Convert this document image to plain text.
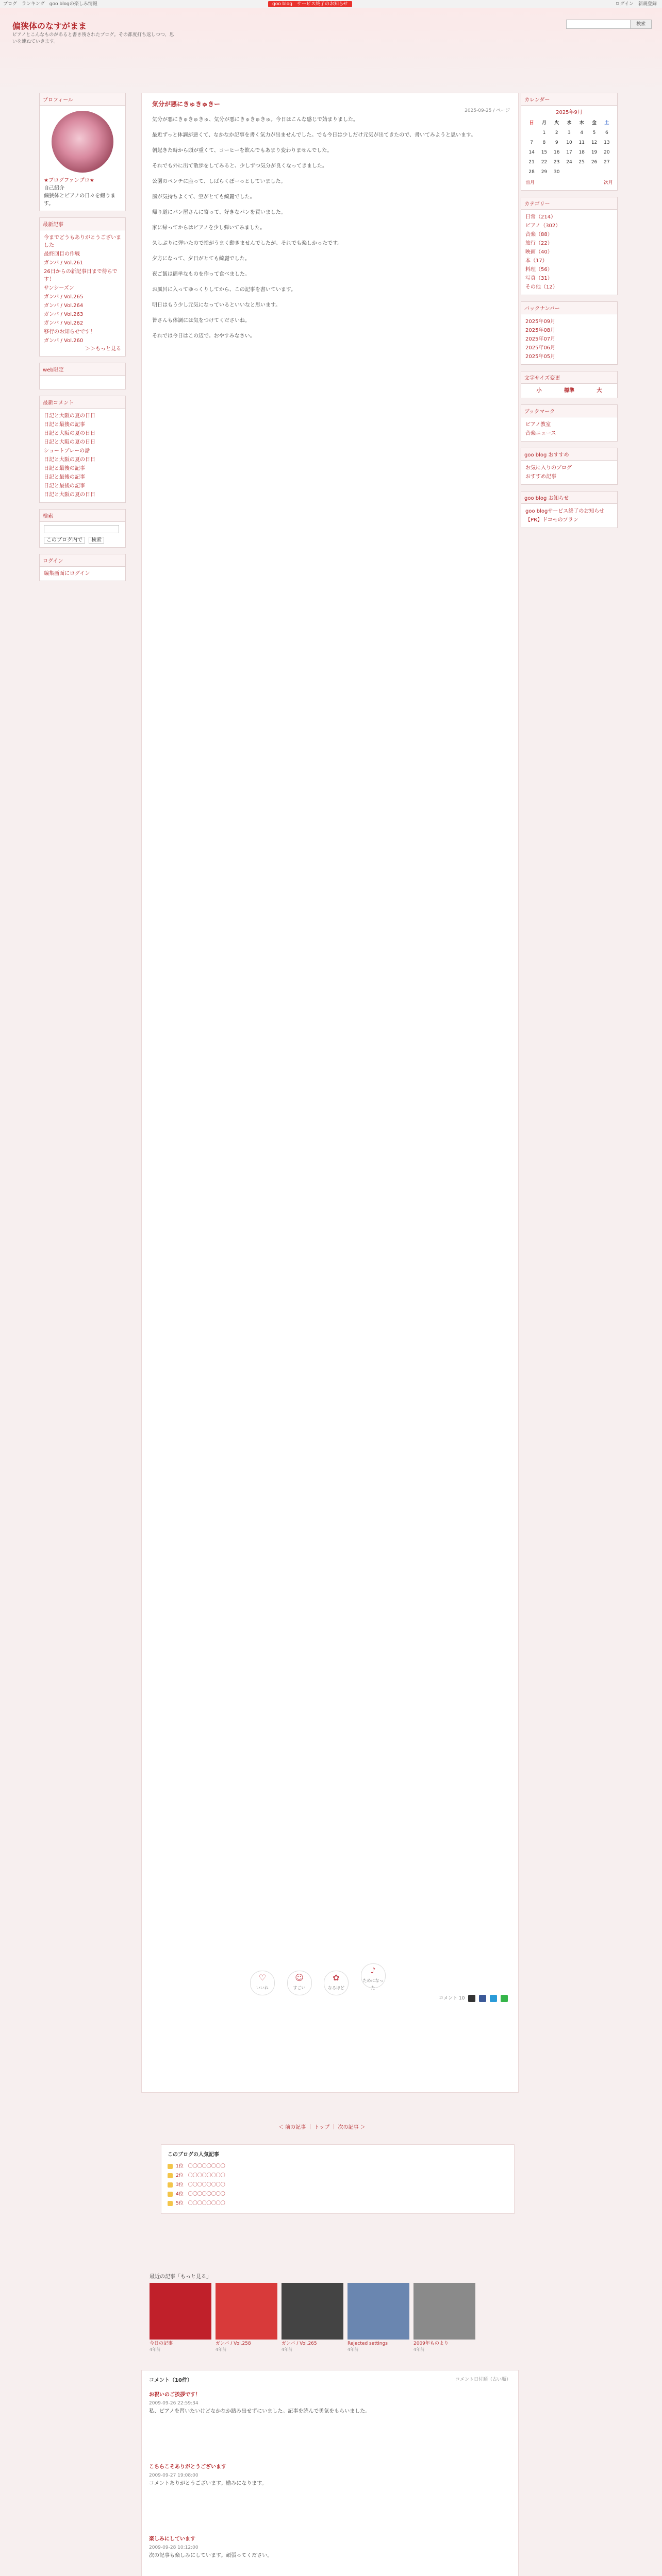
ブログ　ランキング　goo blogの楽しみ情報	goo blog　サービス終了のお知らせ	ログイン　新規登録
偏狭体のなすがまま
ピアノとこんなものがあると書き残されたブログ。その都度打ち返しつつ、思いを連ねていきます。
検索
プロフィール
★ブログファンプロ★
自己紹介
偏狭体とピアノの日々を綴ります。
最新記事
今までどうもありがとうございました
最終回目の作戦
ガンバ / Vol.261
26日からの新記事日まで待ちです！
サンシーズン
ガンバ / Vol.265
ガンバ / Vol.264
ガンバ / Vol.263
ガンバ / Vol.262
移行のお知らせです！
ガンバ / Vol.260
＞＞もっと見る
web限定
最新コメント
日記と大阪の夏の日日
日記と最後の記事
日記と大阪の夏の日日
日記と大阪の夏の日日
ショートブレーの話
日記と大阪の夏の日日
日記と最後の記事
日記と最後の記事
日記と最後の記事
日記と大阪の夏の日日
検索
このブログ内で 検索
ログイン
編集画面にログイン
気分が悪にきゅきゅきー
2025-09-25 / ページ

気分が悪にきゅきゅきゅ、気分が悪にきゅきゅきゅ。今日はこんな感じで始まりました。

最近ずっと体調が悪くて、なかなか記事を書く気力が出ませんでした。でも今日は少しだけ元気が出てきたので、書いてみようと思います。

朝起きた時から頭が重くて、コーヒーを飲んでもあまり変わりませんでした。

それでも外に出て散歩をしてみると、少しずつ気分が良くなってきました。

公園のベンチに座って、しばらくぼーっとしていました。

風が気持ちよくて、空がとても綺麗でした。

帰り道にパン屋さんに寄って、好きなパンを買いました。

家に帰ってからはピアノを少し弾いてみました。

久しぶりに弾いたので指がうまく動きませんでしたが、それでも楽しかったです。

夕方になって、夕日がとても綺麗でした。

夜ご飯は簡単なものを作って食べました。

お風呂に入ってゆっくりしてから、この記事を書いています。

明日はもう少し元気になっているといいなと思います。

皆さんも体調には気をつけてくださいね。

それでは今日はこの辺で。おやすみなさい。

♡
いいね
☺
すごい
✿
なるほど
♪
ためになった
コメント 10
＜ 前の記事 ｜ トップ ｜ 次の記事 ＞
このブログの人気記事
1位　〇〇〇〇〇〇〇〇
2位　〇〇〇〇〇〇〇〇
3位　〇〇〇〇〇〇〇〇
4位　〇〇〇〇〇〇〇〇
5位　〇〇〇〇〇〇〇〇
最近の記事「もっと見る」
今日の記事
4年前
ガンバ / Vol.258
4年前
ガンバ / Vol.265
4年前
Rejected settings
4年前
2009年ものより
4年前
コメント（10件）	コメント日付順（古い順）
お祝いのご挨拶です！
2009-09-26 22:59:34

私、ピアノを習いたいけどなかなか踏み出せずにいました。記事を読んで勇気をもらいました。

こちらこそありがとうございます
2009-09-27 19:08:00

コメントありがとうございます。励みになります。

楽しみにしています
2009-09-28 10:12:00

次の記事も楽しみにしています。頑張ってください。

カレンダー
2025年9月
日	月	火	水	木	金	土
	1	2	3	4	5	6
7	8	9	10	11	12	13
14	15	16	17	18	19	20
21	22	23	24	25	26	27
28	29	30				
前月	次月
カテゴリー
日常（214）
ピアノ（302）
音楽（88）
旅行（22）
映画（40）
本（17）
料理（56）
写真（31）
その他（12）
バックナンバー
2025年09月
2025年08月
2025年07月
2025年06月
2025年05月
文字サイズ変更
小	標準	大
ブックマーク
ピアノ教室
音楽ニュース
goo blog おすすめ
お気に入りのブログ
おすすめ記事
goo blog お知らせ
goo blogサービス終了のお知らせ
【PR】ドコモのプラン
